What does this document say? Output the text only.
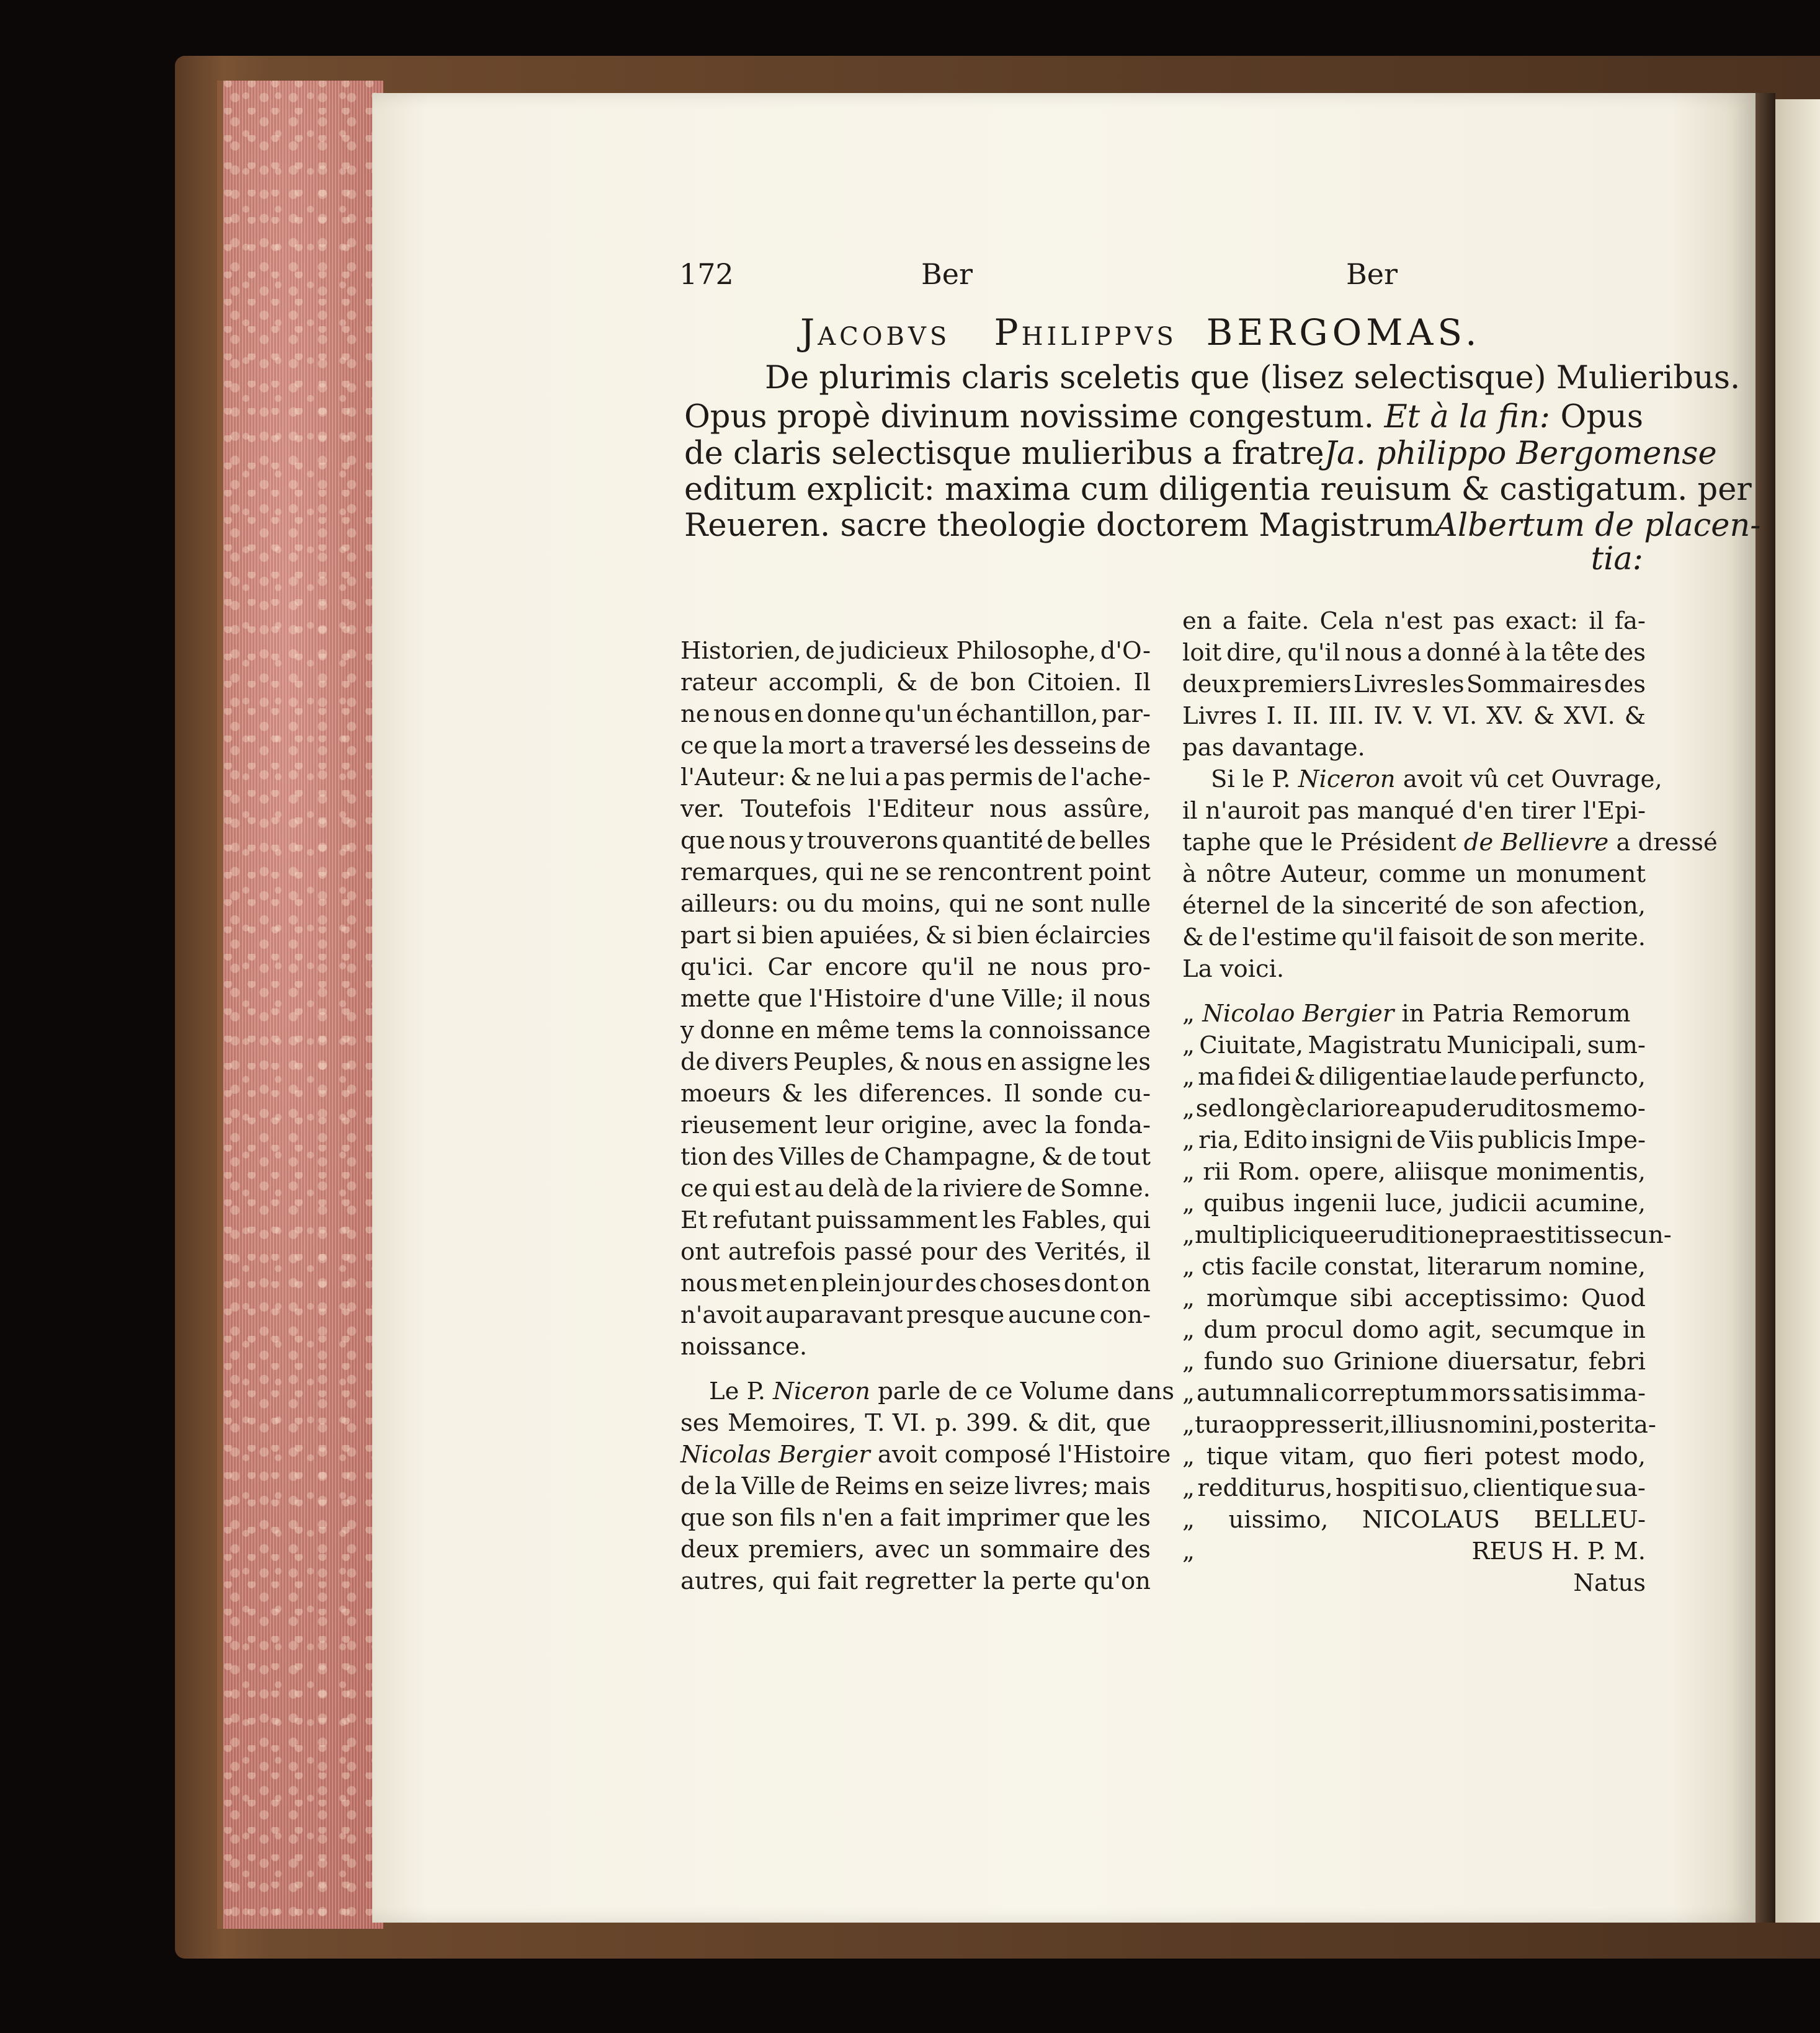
172	Ber	Ber
JACOBVS PHILIPPVS BERGOMAS.
De plurimis claris sceletis que (lisez selectisque) Mulieribus.
Opus propè divinum novissime congestum. Et à la fin: Opus
de claris selectisque mulieribus a fratre Ja. philippo Bergomense
editum explicit: maxima cum diligentia reuisum & castigatum. per
Reueren. sacre theologie doctorem Magistrum Albertum de placen-
tia:
Historien, de judicieux Philosophe, d'O-
rateur accompli, & de bon Citoien. Il
ne nous en donne qu'un échantillon, par-
ce que la mort a traversé les desseins de
l'Auteur: & ne lui a pas permis de l'ache-
ver. Toutefois l'Editeur nous assûre,
que nous y trouverons quantité de belles
remarques, qui ne se rencontrent point
ailleurs: ou du moins, qui ne sont nulle
part si bien apuiées, & si bien éclaircies
qu'ici. Car encore qu'il ne nous pro-
mette que l'Histoire d'une Ville; il nous
y donne en même tems la connoissance
de divers Peuples, & nous en assigne les
moeurs & les diferences. Il sonde cu-
rieusement leur origine, avec la fonda-
tion des Villes de Champagne, & de tout
ce qui est au delà de la riviere de Somne.
Et refutant puissamment les Fables, qui
ont autrefois passé pour des Verités, il
nous met en plein jour des choses dont on
n'avoit auparavant presque aucune con-
noissance.
Le P. Niceron parle de ce Volume dans
ses Memoires, T. VI. p. 399. & dit, que
Nicolas Bergier avoit composé l'Histoire
de la Ville de Reims en seize livres; mais
que son fils n'en a fait imprimer que les
deux premiers, avec un sommaire des
autres, qui fait regretter la perte qu'on
en a faite. Cela n'est pas exact: il fa-
loit dire, qu'il nous a donné à la tête des
deux premiers Livres les Sommaires des
Livres I. II. III. IV. V. VI. XV. & XVI. &
pas davantage.
Si le P. Niceron avoit vû cet Ouvrage,
il n'auroit pas manqué d'en tirer l'Epi-
taphe que le Président de Bellievre a dressé
à nôtre Auteur, comme un monument
éternel de la sincerité de son afection,
& de l'estime qu'il faisoit de son merite.
La voici.
„ Nicolao Bergier in Patria Remorum
„ Ciuitate, Magistratu Municipali, sum-
„ ma fidei & diligentiae laude perfuncto,
„ sed longè clariore apud eruditos memo-
„ ria, Edito insigni de Viis publicis Impe-
„ rii Rom. opere, aliisque monimentis,
„ quibus ingenii luce, judicii acumine,
„ multiplicique eruditione praestitisse cun-
„ ctis facile constat, literarum nomine,
„ morùmque sibi acceptissimo: Quod
„ dum procul domo agit, secumque in
„ fundo suo Grinione diuersatur, febri
„ autumnali correptum mors satis imma-
„ tura oppresserit, illius nomini, posterita-
„ tique vitam, quo fieri potest modo,
„ redditurus, hospiti suo, clientique sua-
„ uissimo, NICOLAUS BELLEU-
„	REUS H. P. M.
Natus
